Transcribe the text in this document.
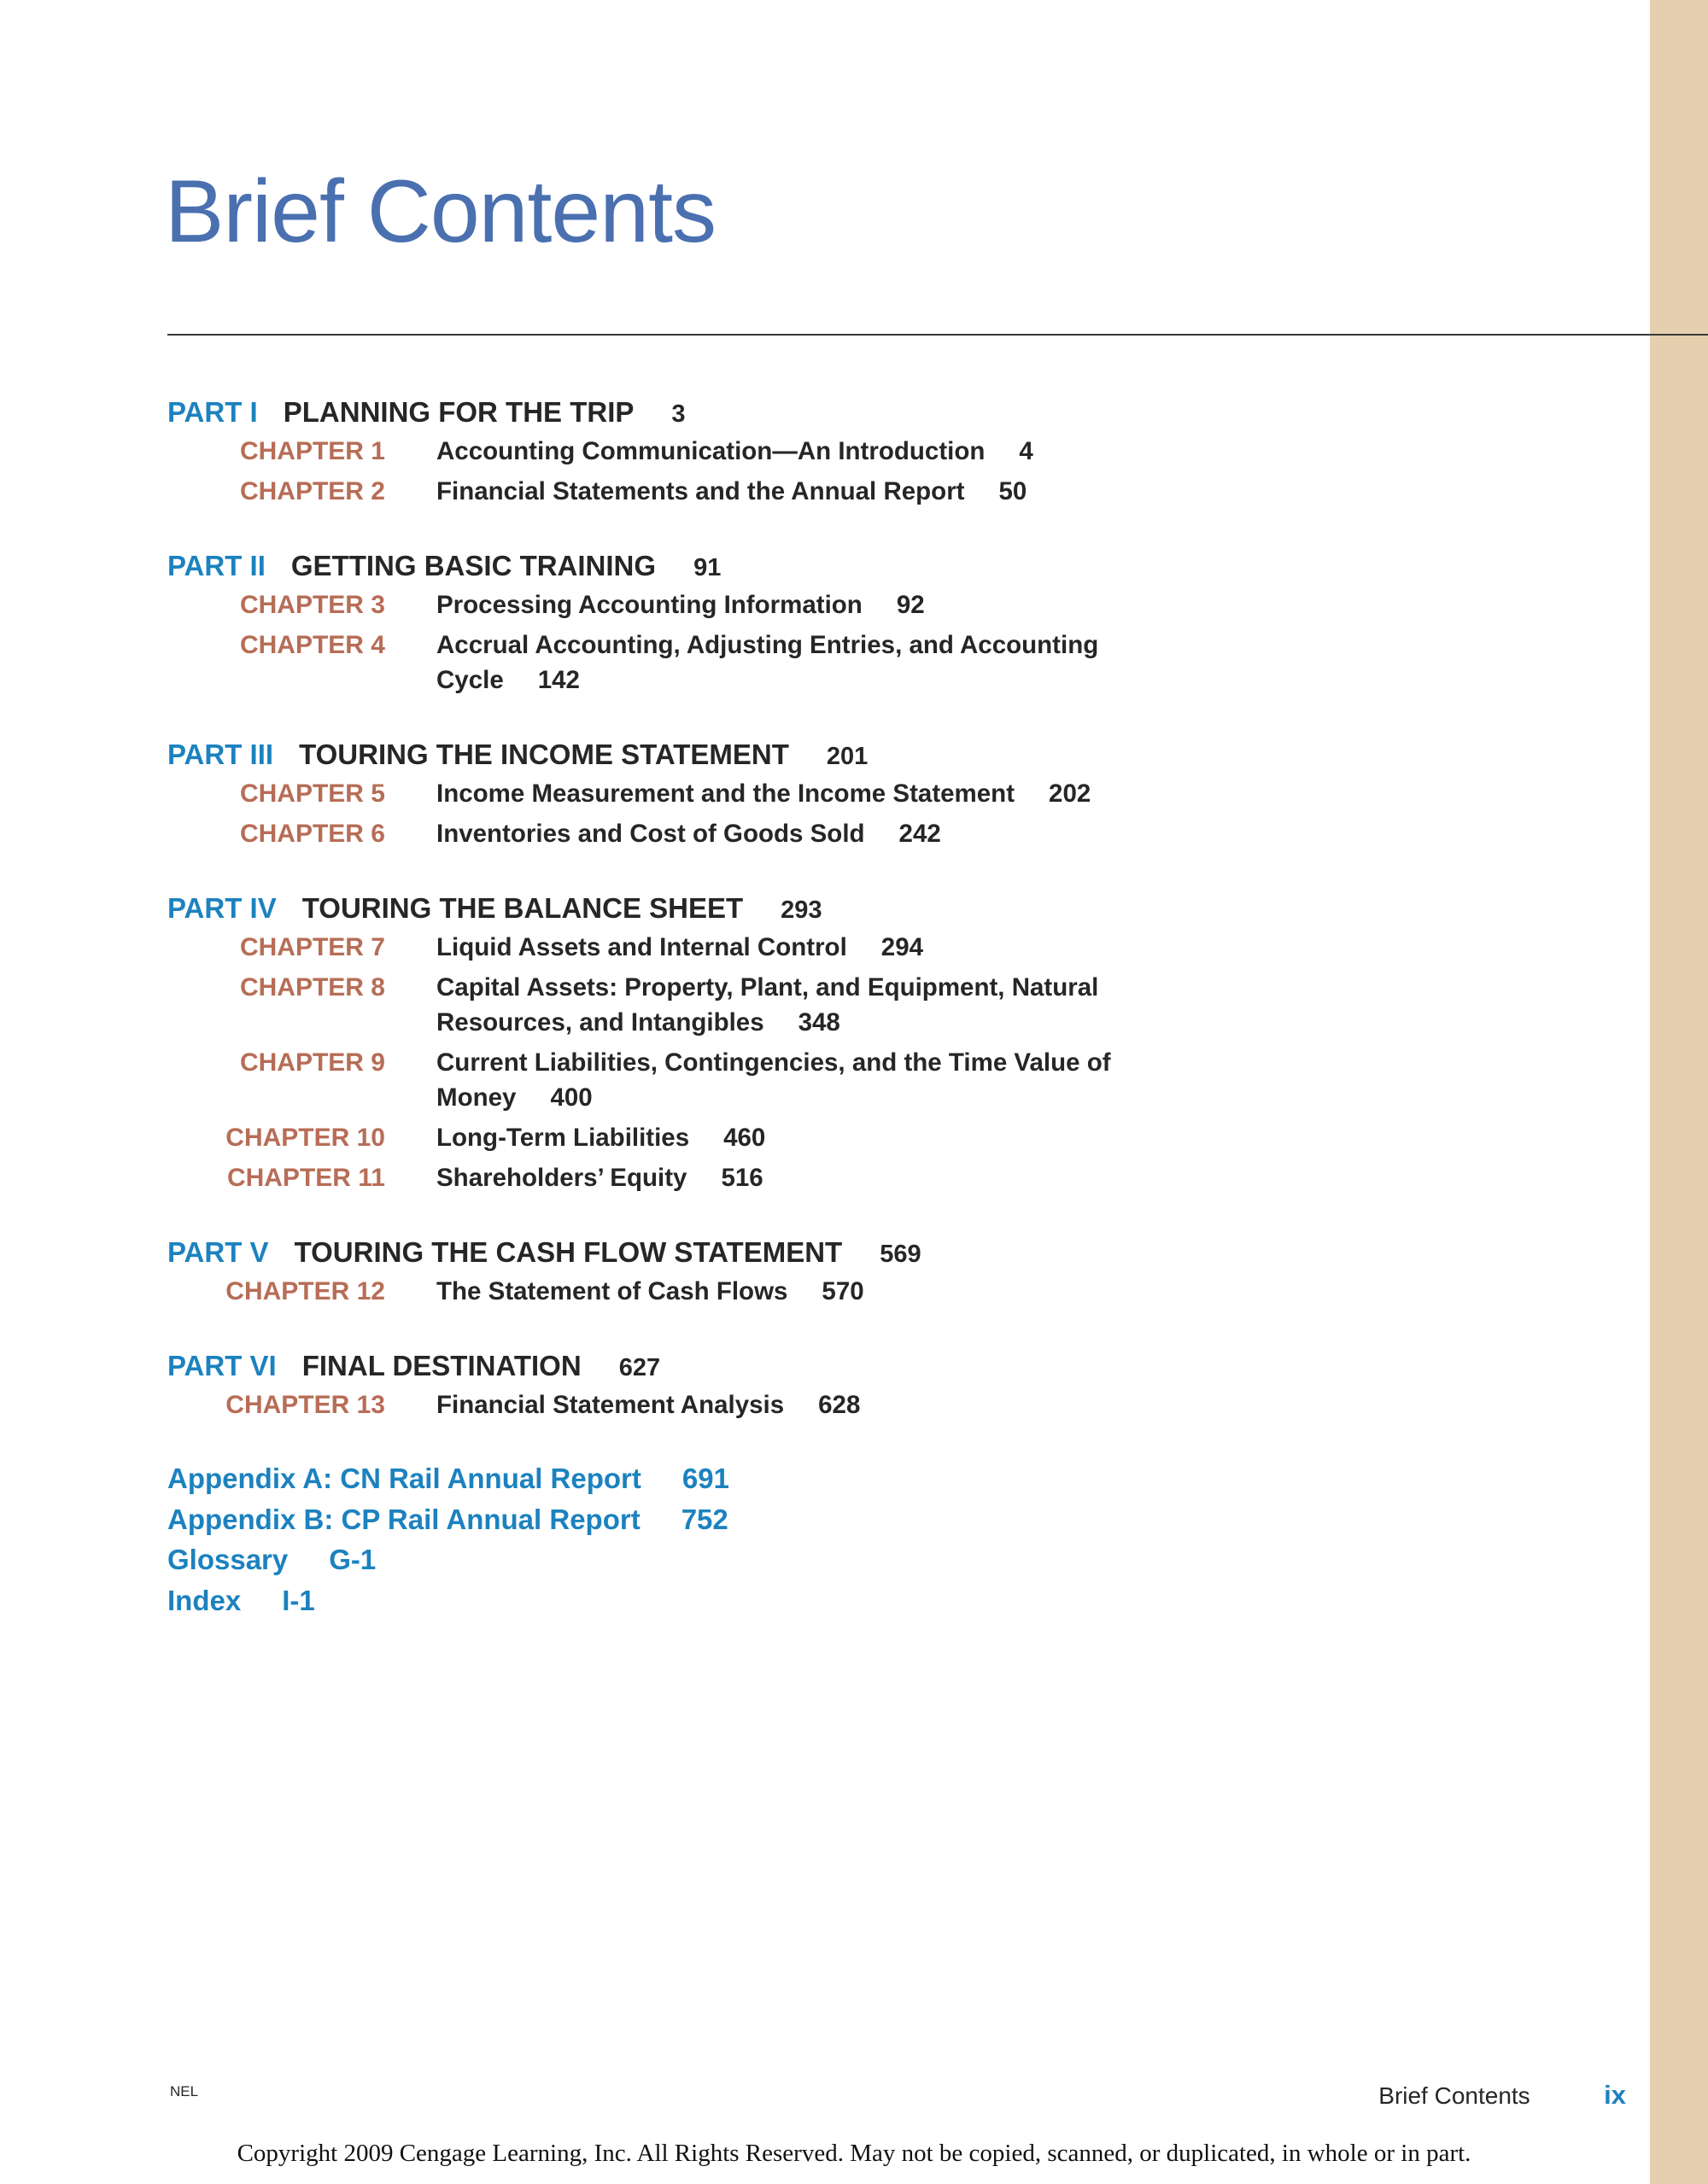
Brief Contents
PART I PLANNING FOR THE TRIP 3
CHAPTER 1 Accounting Communication—An Introduction 4
CHAPTER 2 Financial Statements and the Annual Report 50
PART II GETTING BASIC TRAINING 91
CHAPTER 3 Processing Accounting Information 92
CHAPTER 4 Accrual Accounting, Adjusting Entries, and Accounting Cycle 142
PART III TOURING THE INCOME STATEMENT 201
CHAPTER 5 Income Measurement and the Income Statement 202
CHAPTER 6 Inventories and Cost of Goods Sold 242
PART IV TOURING THE BALANCE SHEET 293
CHAPTER 7 Liquid Assets and Internal Control 294
CHAPTER 8 Capital Assets: Property, Plant, and Equipment, Natural Resources, and Intangibles 348
CHAPTER 9 Current Liabilities, Contingencies, and the Time Value of Money 400
CHAPTER 10 Long-Term Liabilities 460
CHAPTER 11 Shareholders’ Equity 516
PART V TOURING THE CASH FLOW STATEMENT 569
CHAPTER 12 The Statement of Cash Flows 570
PART VI FINAL DESTINATION 627
CHAPTER 13 Financial Statement Analysis 628
Appendix A: CN Rail Annual Report 691
Appendix B: CP Rail Annual Report 752
Glossary G-1
Index I-1
NEL	Brief Contents	ix
Copyright 2009 Cengage Learning, Inc. All Rights Reserved. May not be copied, scanned, or duplicated, in whole or in part.
